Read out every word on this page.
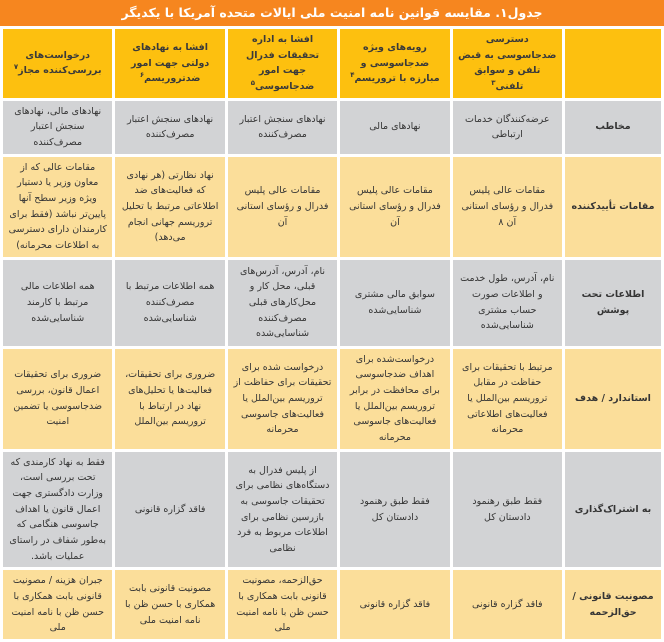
جدول۱. مقایسه قوانین نامه امنیت ملی ایالات متحده آمریکا با یکدیگر
	دسترسی ضدجاسوسی به قبض تلفن و سوابق تلفنی$^۳$	رویه‌های ویژه ضدجاسوسی و مبارزه با تروریسم$^۴$	افشا به اداره تحقیقات فدرال جهت امور ضدجاسوسی$^۵$	افشا به نهادهای دولتی جهت امور ضدتروریسم$^۶$	درخواست‌های بررسی‌کننده مجاز$^۷$
مخاطب	عرضه‌کنندگان خدمات ارتباطی	نهادهای مالی	نهادهای سنجش اعتبار مصرف‌کننده	نهادهای سنجش اعتبار مصرف‌کننده	نهادهای مالی، نهادهای سنجش اعتبار مصرف‌کننده
مقامات تأییدکننده	مقامات عالی پلیس فدرال و رؤسای استانی آن ۸	مقامات عالی پلیس فدرال و رؤسای استانی آن	مقامات عالی پلیس فدرال و رؤسای استانی آن	نهاد نظارتی (هر نهادی که فعالیت‌های ضد اطلاعاتی مرتبط با تحلیل تروریسم جهانی انجام می‌دهد)	مقامات عالی که از معاون وزیر یا دستیار ویژه وزیر سطح آنها پایین‌تر نباشد (فقط برای کارمندان دارای دسترسی به اطلاعات محرمانه)
اطلاعات تحت پوشش	نام، آدرس، طول خدمت و اطلاعات صورت حساب مشتری شناسایی‌شده	سوابق مالی مشتری شناسایی‌شده	نام، آدرس، آدرس‌های قبلی، محل کار و محل‌کارهای قبلی مصرف‌کننده شناسایی‌شده	همه اطلاعات مرتبط با مصرف‌کننده شناسایی‌شده	همه اطلاعات مالی مرتبط با کارمند شناسایی‌شده
استاندارد / هدف	مرتبط با تحقیقات برای حفاظت در مقابل تروریسم بین‌الملل یا فعالیت‌های اطلاعاتی محرمانه	درخواست‌شده برای اهداف ضدجاسوسی برای محافظت در برابر تروریسم بین‌الملل یا فعالیت‌های جاسوسی محرمانه	درخواست شده برای تحقیقات برای حفاظت از تروریسم بین‌الملل یا فعالیت‌های جاسوسی محرمانه	ضروری برای تحقیقات، فعالیت‌ها یا تحلیل‌های نهاد در ارتباط با تروریسم بین‌الملل	ضروری برای تحقیقات اعمال قانون، بررسی ضدجاسوسی یا تضمین امنیت
به اشتراک‌گذاری	فقط طبق رهنمود دادستان کل	فقط طبق رهنمود دادستان کل	از پلیس فدرال به دستگاه‌های نظامی برای تحقیقات جاسوسی به بازرسین نظامی برای اطلاعات مربوط به فرد نظامی	فاقد گزاره قانونی	فقط به نهاد کارمندی که تحت بررسی است، وزارت دادگستری جهت اعمال قانون یا اهداف جاسوسی هنگامی که به‌طور شفاف در راستای عملیات باشد.
مصونیت قانونی / حق‌الزحمه	فاقد گزاره قانونی	فاقد گزاره قانونی	حق‌الزحمه، مصونیت قانونی بابت همکاری با حسن ظن با نامه امنیت ملی	مصونیت قانونی بابت همکاری با حسن ظن با نامه امنیت ملی	جبران هزینه / مصونیت قانونی بابت همکاری با حسن ظن با نامه امنیت ملی
